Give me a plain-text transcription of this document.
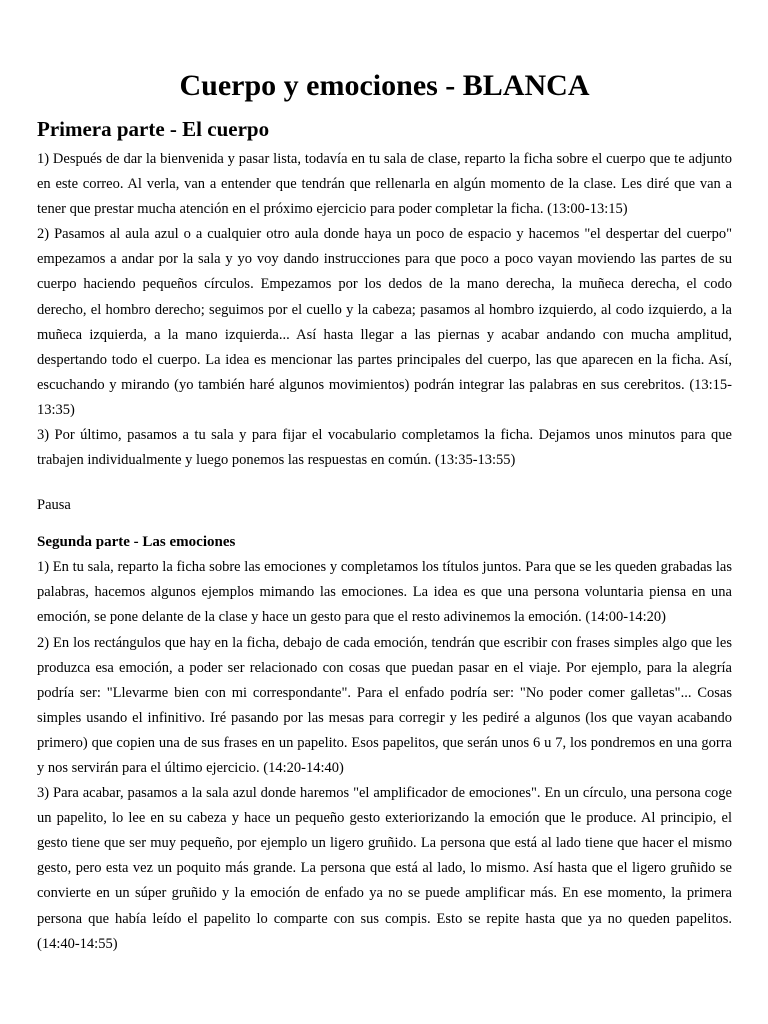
Cuerpo y emociones - BLANCA
Primera parte - El cuerpo

1) Después de dar la bienvenida y pasar lista, todavía en tu sala de clase, reparto la ficha sobre el cuerpo que te adjunto en este correo. Al verla, van a entender que tendrán que rellenarla en algún momento de la clase. Les diré que van a tener que prestar mucha atención en el próximo ejercicio para poder completar la ficha. (13:00-13:15)

2) Pasamos al aula azul o a cualquier otro aula donde haya un poco de espacio y hacemos "el despertar del cuerpo" empezamos a andar por la sala y yo voy dando instrucciones para que poco a poco vayan moviendo las partes de su cuerpo haciendo pequeños círculos. Empezamos por los dedos de la mano derecha, la muñeca derecha, el codo derecho, el hombro derecho; seguimos por el cuello y la cabeza; pasamos al hombro izquierdo, al codo izquierdo, a la muñeca izquierda, a la mano izquierda... Así hasta llegar a las piernas y acabar andando con mucha amplitud, despertando todo el cuerpo. La idea es mencionar las partes principales del cuerpo, las que aparecen en la ficha. Así, escuchando y mirando (yo también haré algunos movimientos) podrán integrar las palabras en sus cerebritos. (13:15-13:35)

3) Por último, pasamos a tu sala y para fijar el vocabulario completamos la ficha. Dejamos unos minutos para que trabajen individualmente y luego ponemos las respuestas en común. (13:35-13:55)

Pausa

Segunda parte - Las emociones

1) En tu sala, reparto la ficha sobre las emociones y completamos los títulos juntos. Para que se les queden grabadas las palabras, hacemos algunos ejemplos mimando las emociones. La idea es que una persona voluntaria piensa en una emoción, se pone delante de la clase y hace un gesto para que el resto adivinemos la emoción. (14:00-14:20)

2) En los rectángulos que hay en la ficha, debajo de cada emoción, tendrán que escribir con frases simples algo que les produzca esa emoción, a poder ser relacionado con cosas que puedan pasar en el viaje. Por ejemplo, para la alegría podría ser: "Llevarme bien con mi correspondante". Para el enfado podría ser: "No poder comer galletas"... Cosas simples usando el infinitivo. Iré pasando por las mesas para corregir y les pediré a algunos (los que vayan acabando primero) que copien una de sus frases en un papelito. Esos papelitos, que serán unos 6 u 7, los pondremos en una gorra y nos servirán para el último ejercicio. (14:20-14:40)

3) Para acabar, pasamos a la sala azul donde haremos "el amplificador de emociones". En un círculo, una persona coge un papelito, lo lee en su cabeza y hace un pequeño gesto exteriorizando la emoción que le produce. Al principio, el gesto tiene que ser muy pequeño, por ejemplo un ligero gruñido. La persona que está al lado tiene que hacer el mismo gesto, pero esta vez un poquito más grande. La persona que está al lado, lo mismo. Así hasta que el ligero gruñido se convierte en un súper gruñido y la emoción de enfado ya no se puede amplificar más. En ese momento, la primera persona que había leído el papelito lo comparte con sus compis. Esto se repite hasta que ya no queden papelitos. (14:40-14:55)
